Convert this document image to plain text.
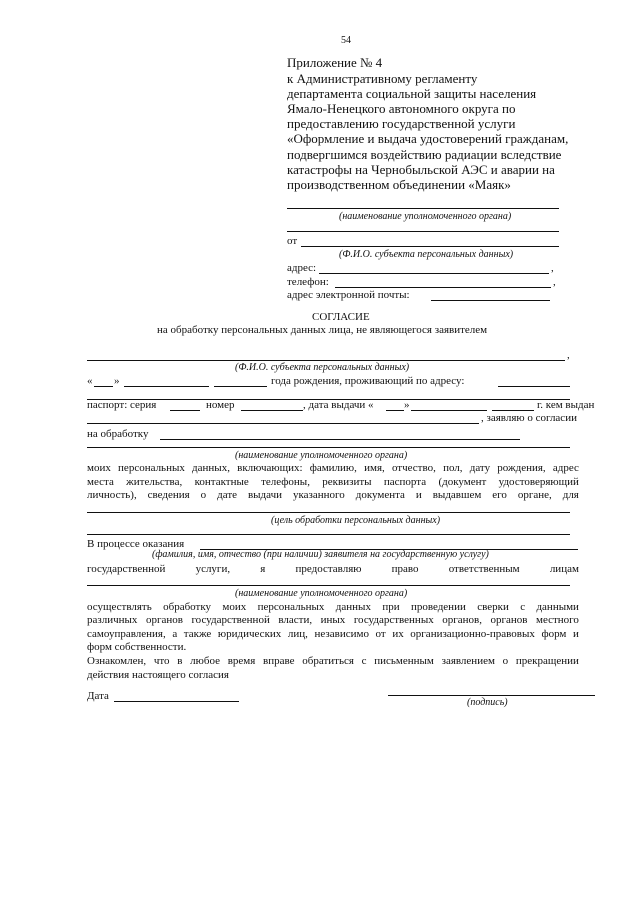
54
Приложение № 4
к Административному регламенту
департамента социальной защиты населения
Ямало-Ненецкого автономного округа по
предоставлению государственной услуги
«Оформление и выдача удостоверений гражданам,
подвергшимся воздействию радиации вследствие
катастрофы на Чернобыльской АЭС и аварии на
производственном объединении «Маяк»
(наименование уполномоченного органа)
от
(Ф.И.О. субъекта персональных данных)
адрес:	,
телефон:	,
адрес электронной почты:
СОГЛАСИЕ
на обработку персональных данных лица, не являющегося заявителем
,
(Ф.И.О. субъекта персональных данных)
« »	года рождения, проживающий по адресу:
паспорт: серия	номер	, дата выдачи «	»	г. кем выдан
, заявляю о согласии
на обработку
(наименование уполномоченного органа)
моих персональных данных, включающих: фамилию, имя, отчество, пол, дату рождения, адрес
места жительства, контактные телефоны, реквизиты паспорта (документ удостоверяющий
личность), сведения о дате выдачи указанного документа и выдавшем его органе, для
(цель обработки персональных данных)
В процессе оказания
(фамилия, имя, отчество (при наличии) заявителя на государственную услугу)
государственной	услуги,	я	предоставляю	право	ответственным	лицам
(наименование уполномоченного органа)
осуществлять обработку моих персональных данных при проведении сверки с данными
различных органов государственной власти, иных государственных органов, органов местного
самоуправления, а также юридических лиц, независимо от их организационно-правовых форм и
форм собственности.
Ознакомлен, что в любое время вправе обратиться с письменным заявлением о прекращении
действия настоящего согласия
Дата
(подпись)
